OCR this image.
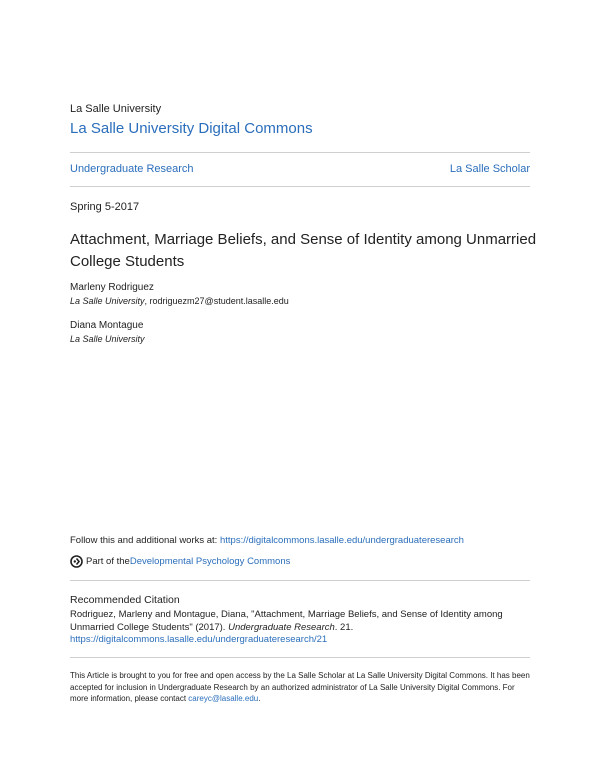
La Salle University
La Salle University Digital Commons
Undergraduate Research	La Salle Scholar
Spring 5-2017
Attachment, Marriage Beliefs, and Sense of Identity among Unmarried College Students
Marleny Rodriguez
La Salle University, rodriguezm27@student.lasalle.edu
Diana Montague
La Salle University
Follow this and additional works at: https://digitalcommons.lasalle.edu/undergraduateresearch
Part of the Developmental Psychology Commons
Recommended Citation
Rodriguez, Marleny and Montague, Diana, "Attachment, Marriage Beliefs, and Sense of Identity among Unmarried College Students" (2017). Undergraduate Research. 21.
https://digitalcommons.lasalle.edu/undergraduateresearch/21
This Article is brought to you for free and open access by the La Salle Scholar at La Salle University Digital Commons. It has been accepted for inclusion in Undergraduate Research by an authorized administrator of La Salle University Digital Commons. For more information, please contact careyc@lasalle.edu.
